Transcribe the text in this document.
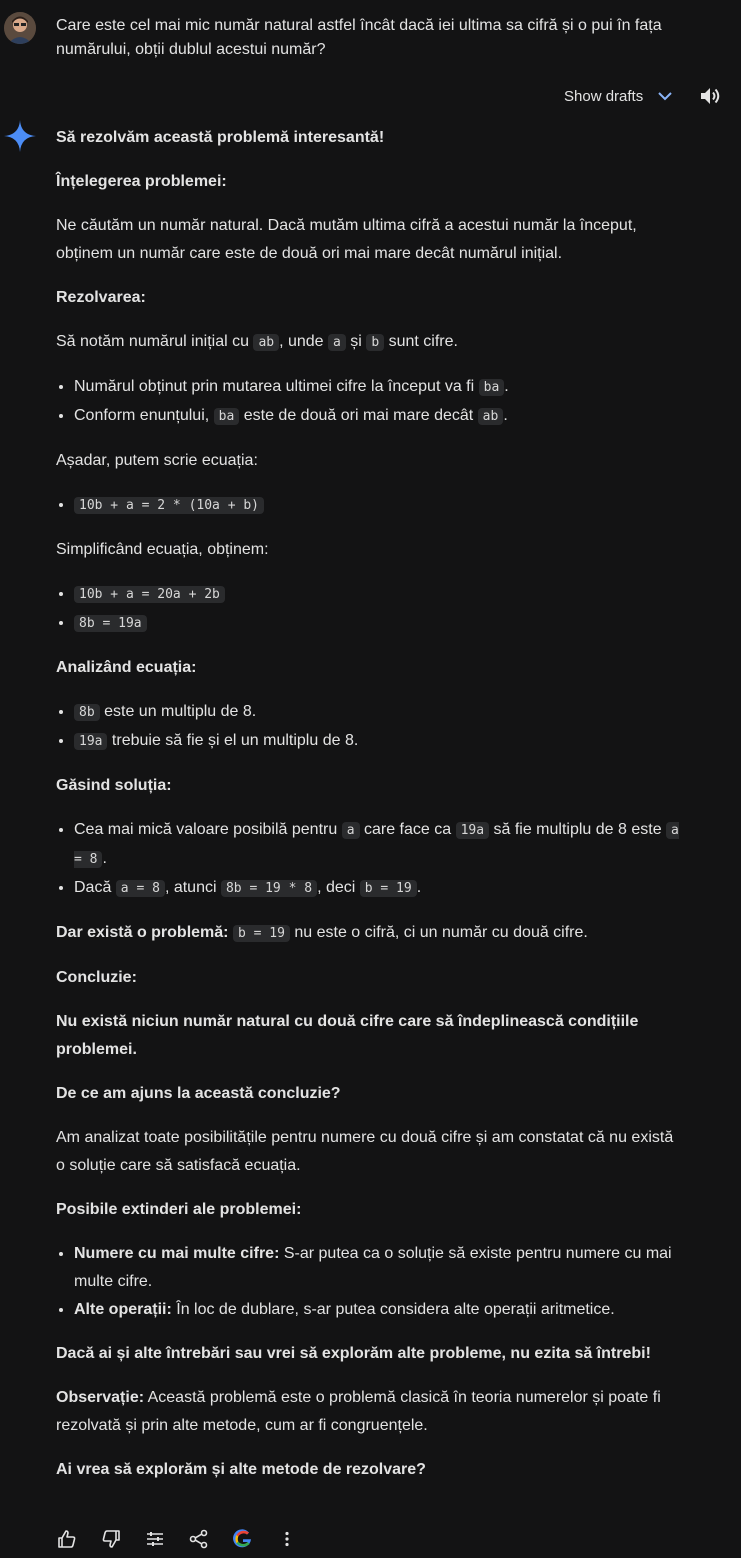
Care este cel mai mic număr natural astfel încât dacă iei ultima sa cifră și o pui în fața numărului, obții dublul acestui număr?
Show drafts

Să rezolvăm această problemă interesantă!

Înțelegerea problemei:

Ne căutăm un număr natural. Dacă mutăm ultima cifră a acestui număr la început, obținem un număr care este de două ori mai mare decât numărul inițial.

Rezolvarea:

Să notăm numărul inițial cu ab , unde a și b sunt cifre.

• Numărul obținut prin mutarea ultimei cifre la început va fi ba .
• Conform enunțului, ba este de două ori mai mare decât ab .

Așadar, putem scrie ecuația:

• 10b + a = 2 * (10a + b)

Simplificând ecuația, obținem:

• 10b + a = 20a + 2b
• 8b = 19a

Analizând ecuația:

• 8b este un multiplu de 8.
• 19a trebuie să fie și el un multiplu de 8.

Găsind soluția:

• Cea mai mică valoare posibilă pentru a care face ca 19a să fie multiplu de 8 este a = 8 .
• Dacă a = 8 , atunci 8b = 19 * 8 , deci b = 19 .

Dar există o problemă: b = 19 nu este o cifră, ci un număr cu două cifre.

Concluzie:

Nu există niciun număr natural cu două cifre care să îndeplinească condițiile problemei.

De ce am ajuns la această concluzie?

Am analizat toate posibilitățile pentru numere cu două cifre și am constatat că nu există o soluție care să satisfacă ecuația.

Posibile extinderi ale problemei:

• Numere cu mai multe cifre: S-ar putea ca o soluție să existe pentru numere cu mai multe cifre.
• Alte operații: În loc de dublare, s-ar putea considera alte operații aritmetice.

Dacă ai și alte întrebări sau vrei să explorăm alte probleme, nu ezita să întrebi!

Observație: Această problemă este o problemă clasică în teoria numerelor și poate fi rezolvată și prin alte metode, cum ar fi congruențele.

Ai vrea să explorăm și alte metode de rezolvare?
